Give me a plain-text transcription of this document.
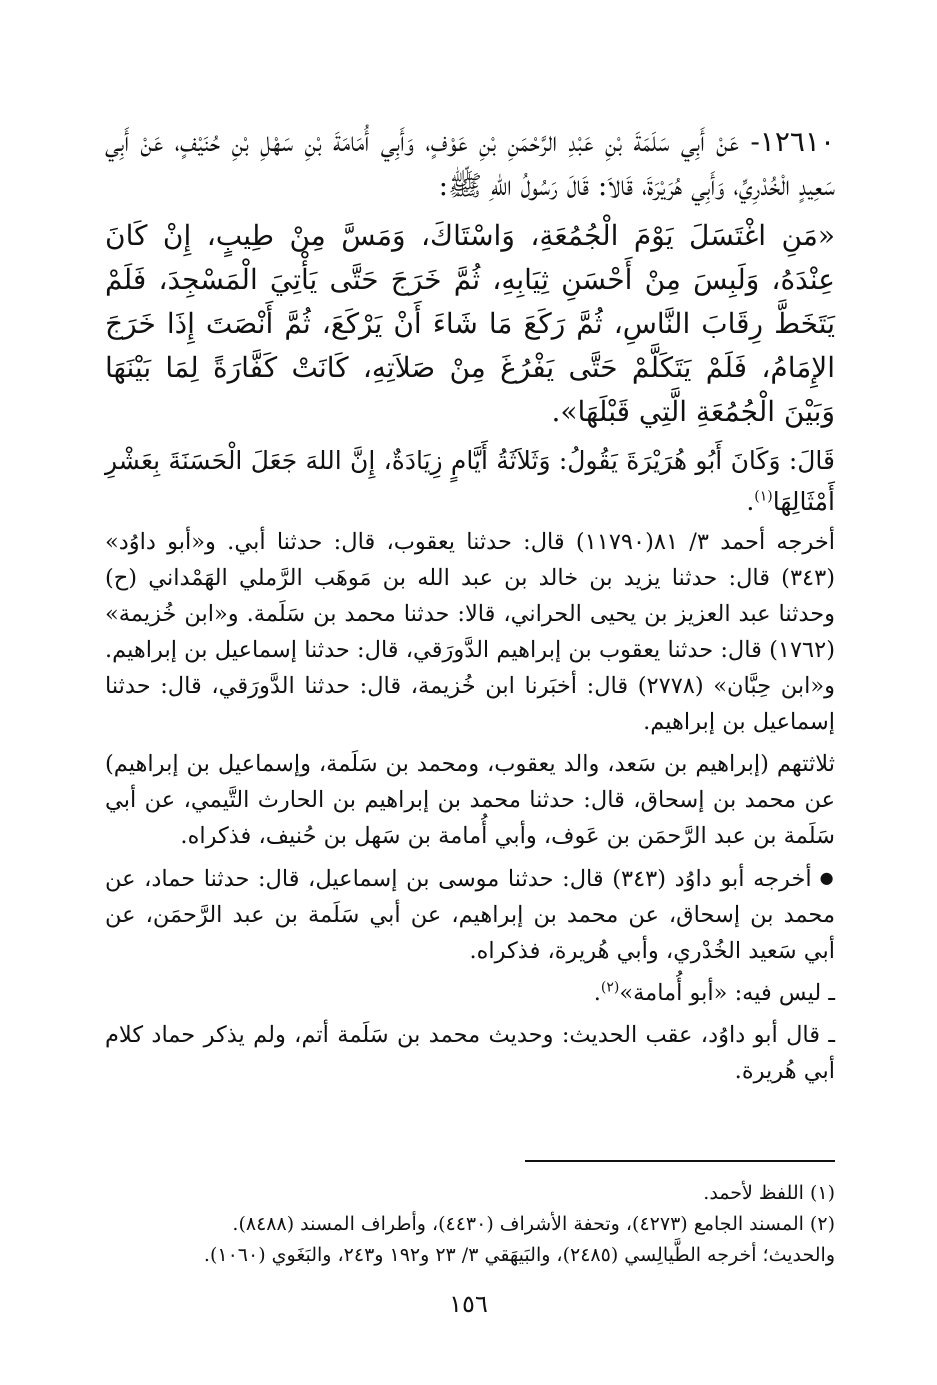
١٢٦١٠- عَنْ أَبِي سَلَمَةَ بْنِ عَبْدِ الرَّحْمَنِ بْنِ عَوْفٍ، وَأَبِي أُمَامَةَ بْنِ سَهْلِ بْنِ حُنَيْفٍ، عَنْ أَبِي سَعِيدٍ الْخُدْرِيِّ، وَأَبِي هُرَيْرَةَ، قَالاَ: قَالَ رَسُولُ اللهِ ﷺ:

«مَنِ اغْتَسَلَ يَوْمَ الْجُمُعَةِ، وَاسْتَاكَ، وَمَسَّ مِنْ طِيبٍ، إِنْ كَانَ عِنْدَهُ، وَلَبِسَ مِنْ أَحْسَنِ ثِيَابِهِ، ثُمَّ خَرَجَ حَتَّى يَأْتِيَ الْمَسْجِدَ، فَلَمْ يَتَخَطَّ رِقَابَ النَّاسِ، ثُمَّ رَكَعَ مَا شَاءَ أَنْ يَرْكَعَ، ثُمَّ أَنْصَتَ إِذَا خَرَجَ الإِمَامُ، فَلَمْ يَتَكَلَّمْ حَتَّى يَفْرُغَ مِنْ صَلاَتِهِ، كَانَتْ كَفَّارَةً لِمَا بَيْنَهَا وَبَيْنَ الْجُمُعَةِ الَّتِي قَبْلَهَا».

قَالَ: وَكَانَ أَبُو هُرَيْرَةَ يَقُولُ: وَثَلاَثَةُ أَيَّامٍ زِيَادَةٌ، إِنَّ اللهَ جَعَلَ الْحَسَنَةَ بِعَشْرِ أَمْثَالِهَا$^{(١)}$.

أخرجه أحمد ٣/ ٨١(١١٧٩٠) قال: حدثنا يعقوب، قال: حدثنا أبي. و«أبو داوُد» (٣٤٣) قال: حدثنا يزيد بن خالد بن عبد الله بن مَوهَب الرَّملي الهَمْداني (ح) وحدثنا عبد العزيز بن يحيى الحراني، قالا: حدثنا محمد بن سَلَمة. و«ابن خُزيمة» (١٧٦٢) قال: حدثنا يعقوب بن إبراهيم الدَّورَقي، قال: حدثنا إسماعيل بن إبراهيم. و«ابن حِبَّان» (٢٧٧٨) قال: أخبَرنا ابن خُزيمة، قال: حدثنا الدَّورَقي، قال: حدثنا إسماعيل بن إبراهيم.

ثلاثتهم (إبراهيم بن سَعد، والد يعقوب، ومحمد بن سَلَمة، وإسماعيل بن إبراهيم) عن محمد بن إسحاق، قال: حدثنا محمد بن إبراهيم بن الحارث التَّيمي، عن أبي سَلَمة بن عبد الرَّحمَن بن عَوف، وأبي أُمامة بن سَهل بن حُنيف، فذكراه.

● أخرجه أبو داوُد (٣٤٣) قال: حدثنا موسى بن إسماعيل، قال: حدثنا حماد، عن محمد بن إسحاق، عن محمد بن إبراهيم، عن أبي سَلَمة بن عبد الرَّحمَن، عن أبي سَعيد الخُدْري، وأبي هُريرة، فذكراه.

ـ ليس فيه: «أبو أُمامة»$^{(٢)}$.

ـ قال أبو داوُد، عقب الحديث: وحديث محمد بن سَلَمة أتم، ولم يذكر حماد كلام أبي هُريرة.

(١) اللفظ لأحمد.

(٢) المسند الجامع (٤٢٧٣)، وتحفة الأشراف (٤٤٣٠)، وأطراف المسند (٨٤٨٨).

والحديث؛ أخرجه الطَّيالِسي (٢٤٨٥)، والبَيهَقي ٣/ ٢٣ و١٩٢ و٢٤٣، والبَغَوي (١٠٦٠).

١٥٦
